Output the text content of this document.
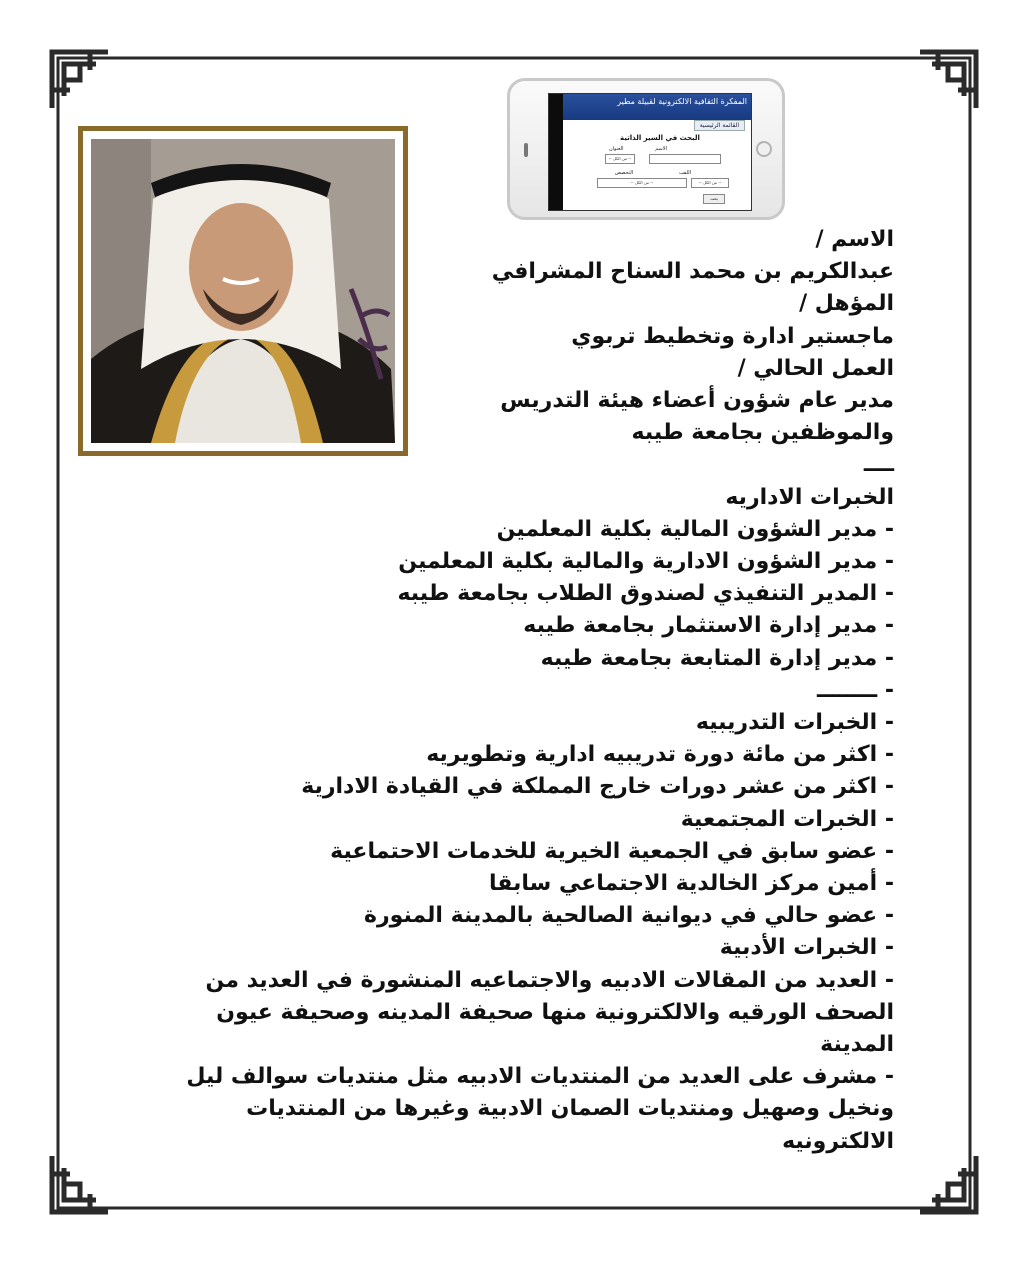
المفكرة الثقافية الالكترونية لقبيلة مطير
القائمة الرئيسية
البحث في السير الذاتية
الاسم
العنوان
-- من الكل --
اللقب
-- من الكل --
التخصص
-- من الكل --
بحث
الاسم /
عبدالكريم بن محمد السناح المشرافي
المؤهل /
ماجستير ادارة وتخطيط تربوي
العمل الحالي /
مدير عام شؤون أعضاء هيئة التدريس والموظفين بجامعة طيبه
ــــ
الخبرات الاداريه
- مدير الشؤون المالية بكلية المعلمين
- مدير الشؤون الادارية والمالية بكلية المعلمين
- المدير التنفيذي لصندوق الطلاب بجامعة طيبه
- مدير إدارة الاستثمار بجامعة طيبه
- مدير إدارة المتابعة بجامعة طيبه
- ــــــــ
- الخبرات التدريبيه
- اكثر من مائة دورة تدريبيه ادارية وتطويريه
- اكثر من عشر دورات خارج المملكة في القيادة الادارية
- الخبرات المجتمعية
- عضو سابق في الجمعية الخيرية للخدمات الاحتماعية
- أمين مركز الخالدية الاجتماعي سابقا
- عضو حالي في ديوانية الصالحية بالمدينة المنورة
- الخبرات الأدبية
- العديد من المقالات الادبيه والاجتماعيه المنشورة في العديد من الصحف الورقيه والالكترونية منها صحيفة المدينه وصحيفة عيون المدينة
- مشرف على العديد من المنتديات الادبيه مثل منتديات سوالف ليل ونخيل وصهيل ومنتديات الصمان الادبية وغيرها من المنتديات الالكترونيه
